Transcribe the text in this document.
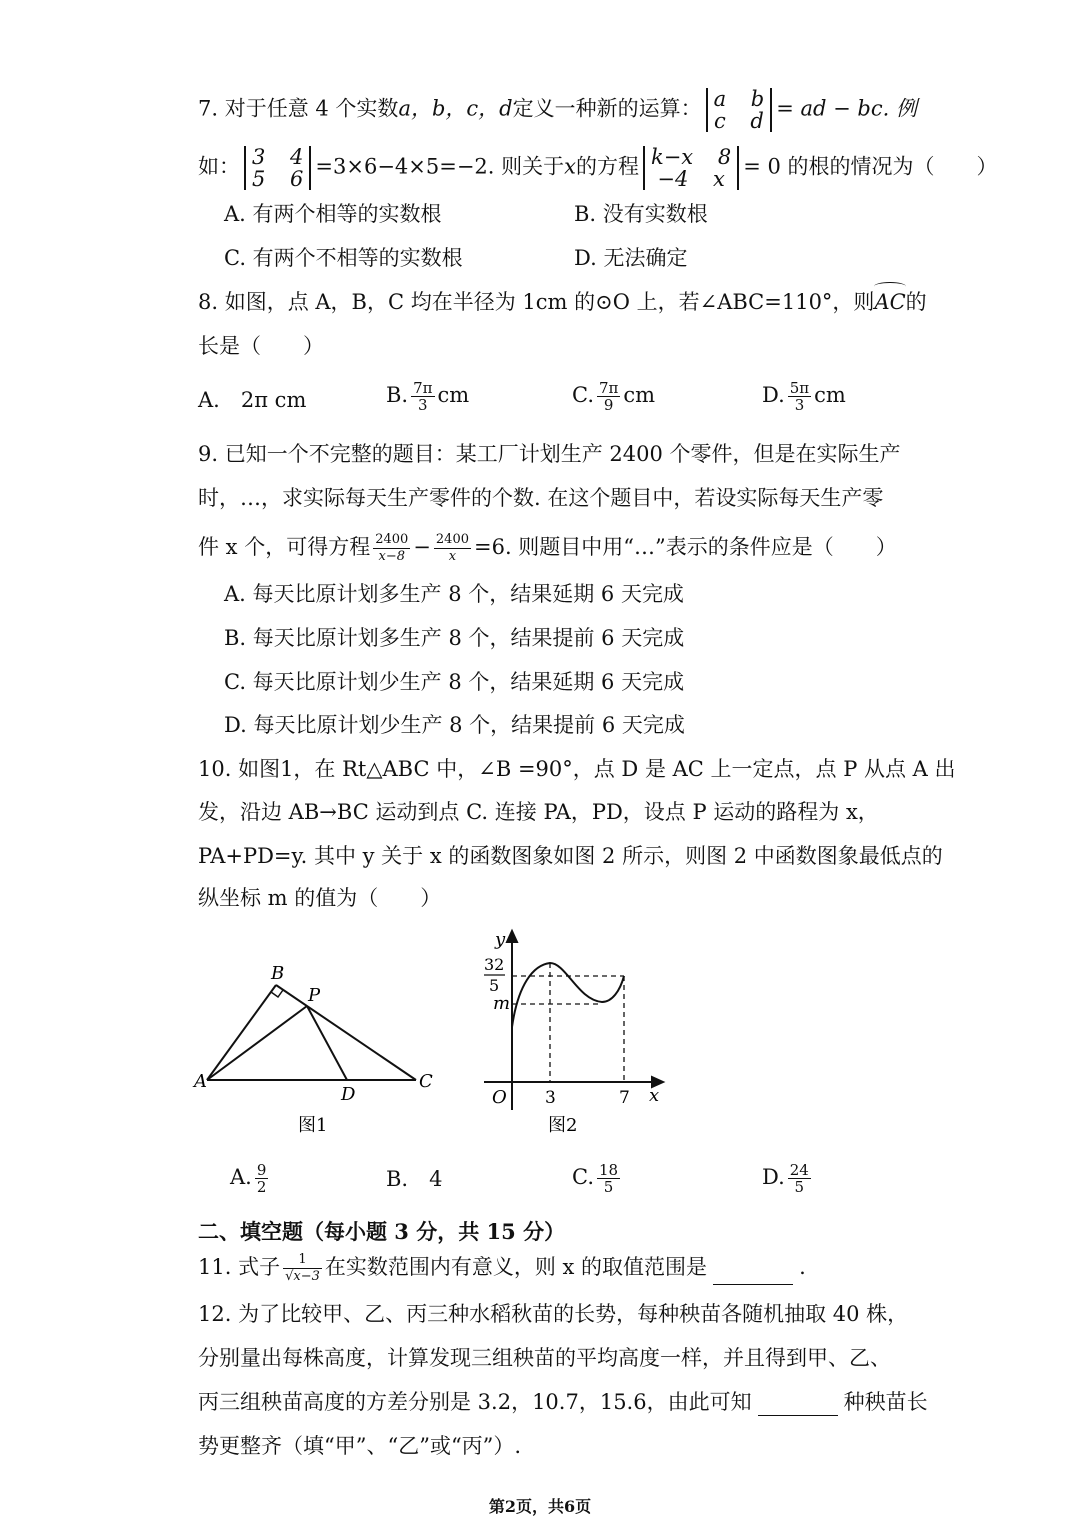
7. 对于任意 4 个实数a，b，c，d定义一种新的运算： a b
c d
= ad − bc. 例
如： 3 4
5 6
=3×6−4×5=−2. 则关于x的方程 k−x 8
−4 x
= 0 的根的情况为（　　）
A. 有两个相等的实数根	B. 没有实数根
C. 有两个不相等的实数根	D. 无法确定
8. 如图，点 A，B，C 均在半径为 1cm 的⊙O 上，若∠ABC=110°，则
AC的
长是（　　）
A.　2π cm	B. $\frac{7\pi}{3}$ cm	C. $\frac{7\pi}{9}$ cm	D. $\frac{5\pi}{3}$ cm
9. 已知一个不完整的题目：某工厂计划生产 2400 个零件，但是在实际生产
时，…，求实际每天生产零件的个数. 在这个题目中，若设实际每天生产零
件 x 个，可得方程 $\frac{2400}{x-8} - \frac{2400}{x} =6$. 则题目中用“…”表示的条件应是（　　）
A. 每天比原计划多生产 8 个，结果延期 6 天完成
B. 每天比原计划多生产 8 个，结果提前 6 天完成
C. 每天比原计划少生产 8 个，结果延期 6 天完成
D. 每天比原计划少生产 8 个，结果提前 6 天完成
10. 如图1，在 Rt△ABC 中，∠B =90°，点 D 是 AC 上一定点，点 P 从点 A 出
发，沿边 AB→BC 运动到点 C. 连接 PA，PD，设点 P 运动的路程为 x，
PA+PD=y. 其中 y 关于 x 的函数图象如图 2 所示，则图 2 中函数图象最低点的
纵坐标 m 的值为（　　）
A
B
C
D
P
图1
y
x
O
32
5
m
3	7
图2
A. $\frac{9}{2}$	B.　4	C. $\frac{18}{5}$	D. $\frac{24}{5}$
二、填空题（每小题 3 分，共 15 分）
11. 式子 $\frac{1}{√x-3}$ 在实数范围内有意义，则 x 的取值范围是	.
12. 为了比较甲、乙、丙三种水稻秋苗的长势，每种秧苗各随机抽取 40 株，
分别量出每株高度，计算发现三组秧苗的平均高度一样，并且得到甲、乙、
丙三组秧苗高度的方差分别是 3.2，10.7，15.6，由此可知	种秧苗长
势更整齐（填“甲”、“乙”或“丙”）.
第2页，共6页
